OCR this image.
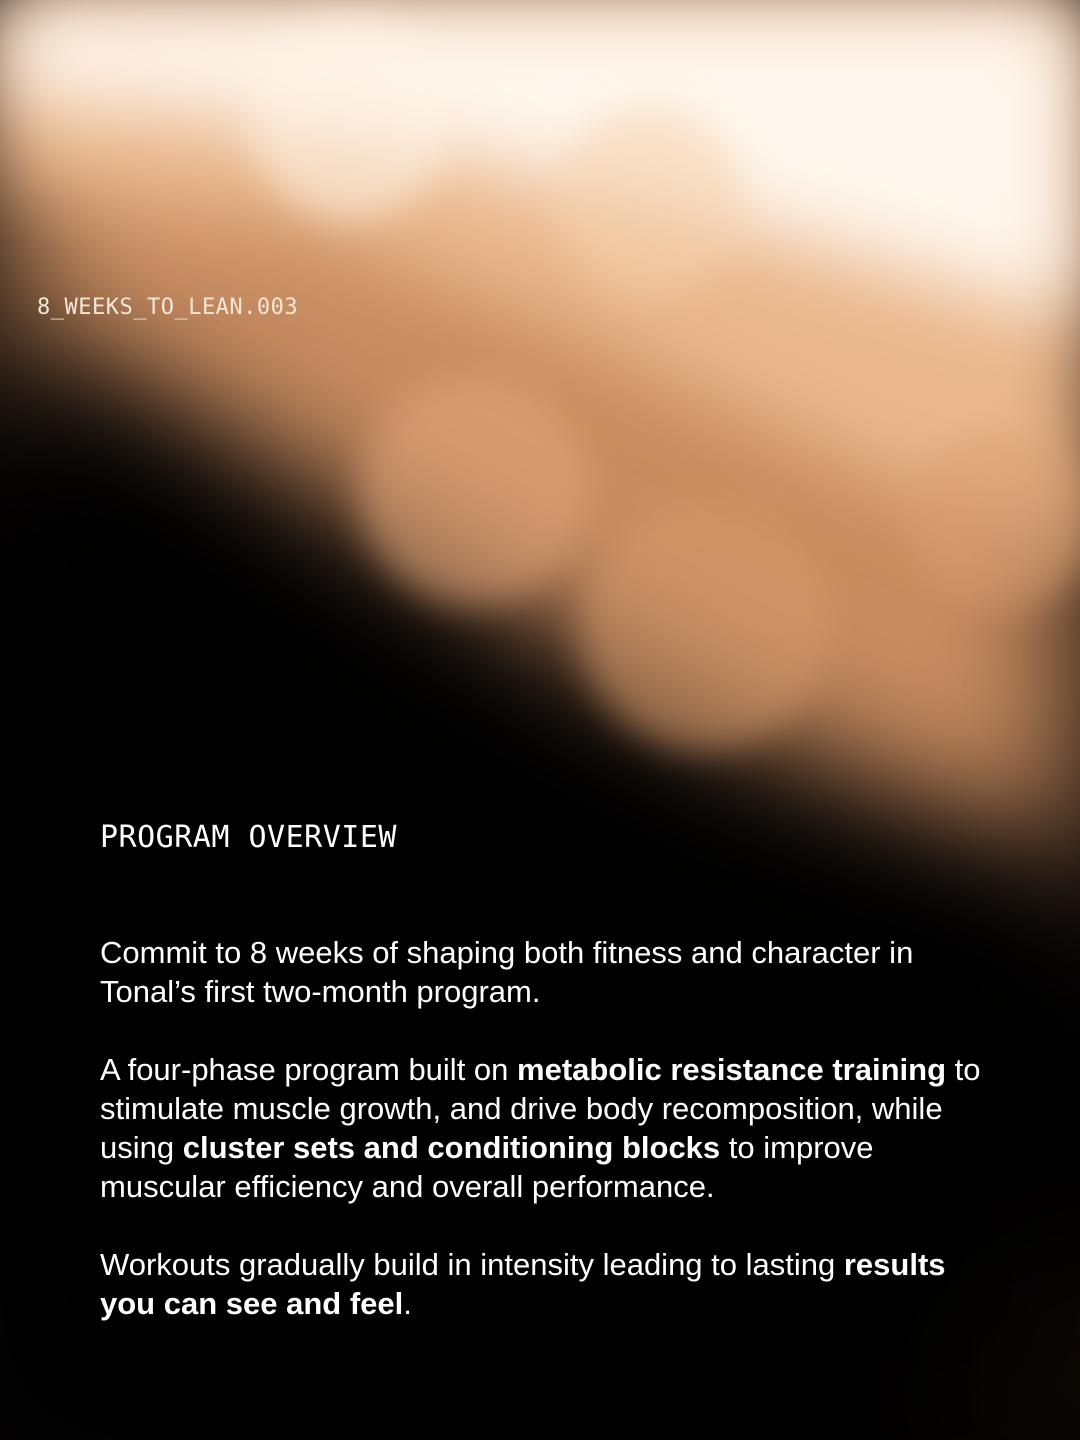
8_WEEKS_TO_LEAN.003
PROGRAM OVERVIEW

Commit to 8 weeks of shaping both fitness and character in Tonal’s first two-month program.

A four-phase program built on metabolic resistance training to stimulate muscle growth, and drive body recomposition, while using cluster sets and conditioning blocks to improve muscular efficiency and overall performance.

Workouts gradually build in intensity leading to lasting results you can see and feel.
